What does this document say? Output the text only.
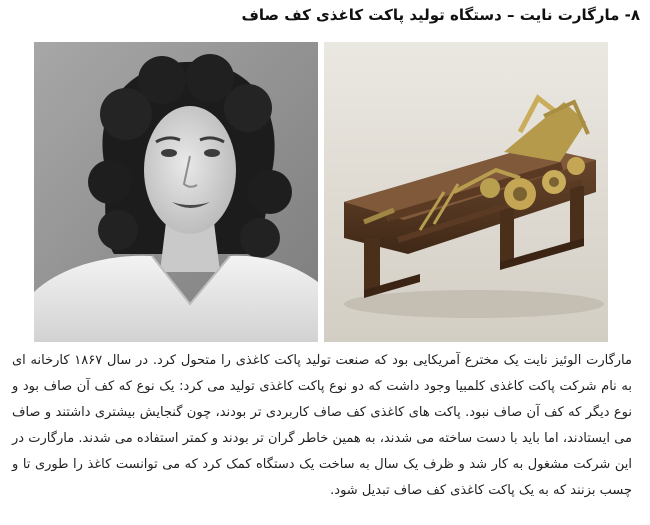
۸- مارگارت نایت – دستگاه تولید پاکت کاغذی کف صاف
مارگارت الوئیز نایت یک مخترع آمریکایی بود که صنعت تولید پاکت کاغذی را متحول کرد. در سال ۱۸۶۷ کارخانه ای به نام شرکت پاکت کاغذی کلمبیا وجود داشت که دو نوع پاکت کاغذی تولید می کرد: یک نوع که کف آن صاف بود و نوع دیگر که کف آن صاف نبود. پاکت های کاغذی کف صاف کاربردی تر بودند، چون گنجایش بیشتری داشتند و صاف می ایستادند، اما باید با دست ساخته می شدند، به همین خاطر گران تر بودند و کمتر استفاده می شدند. مارگارت در این شرکت مشغول به کار شد و ظرف یک سال به ساخت یک دستگاه کمک کرد که می توانست کاغذ را طوری تا و چسب بزنند که به یک پاکت کاغذی کف صاف تبدیل شود.
